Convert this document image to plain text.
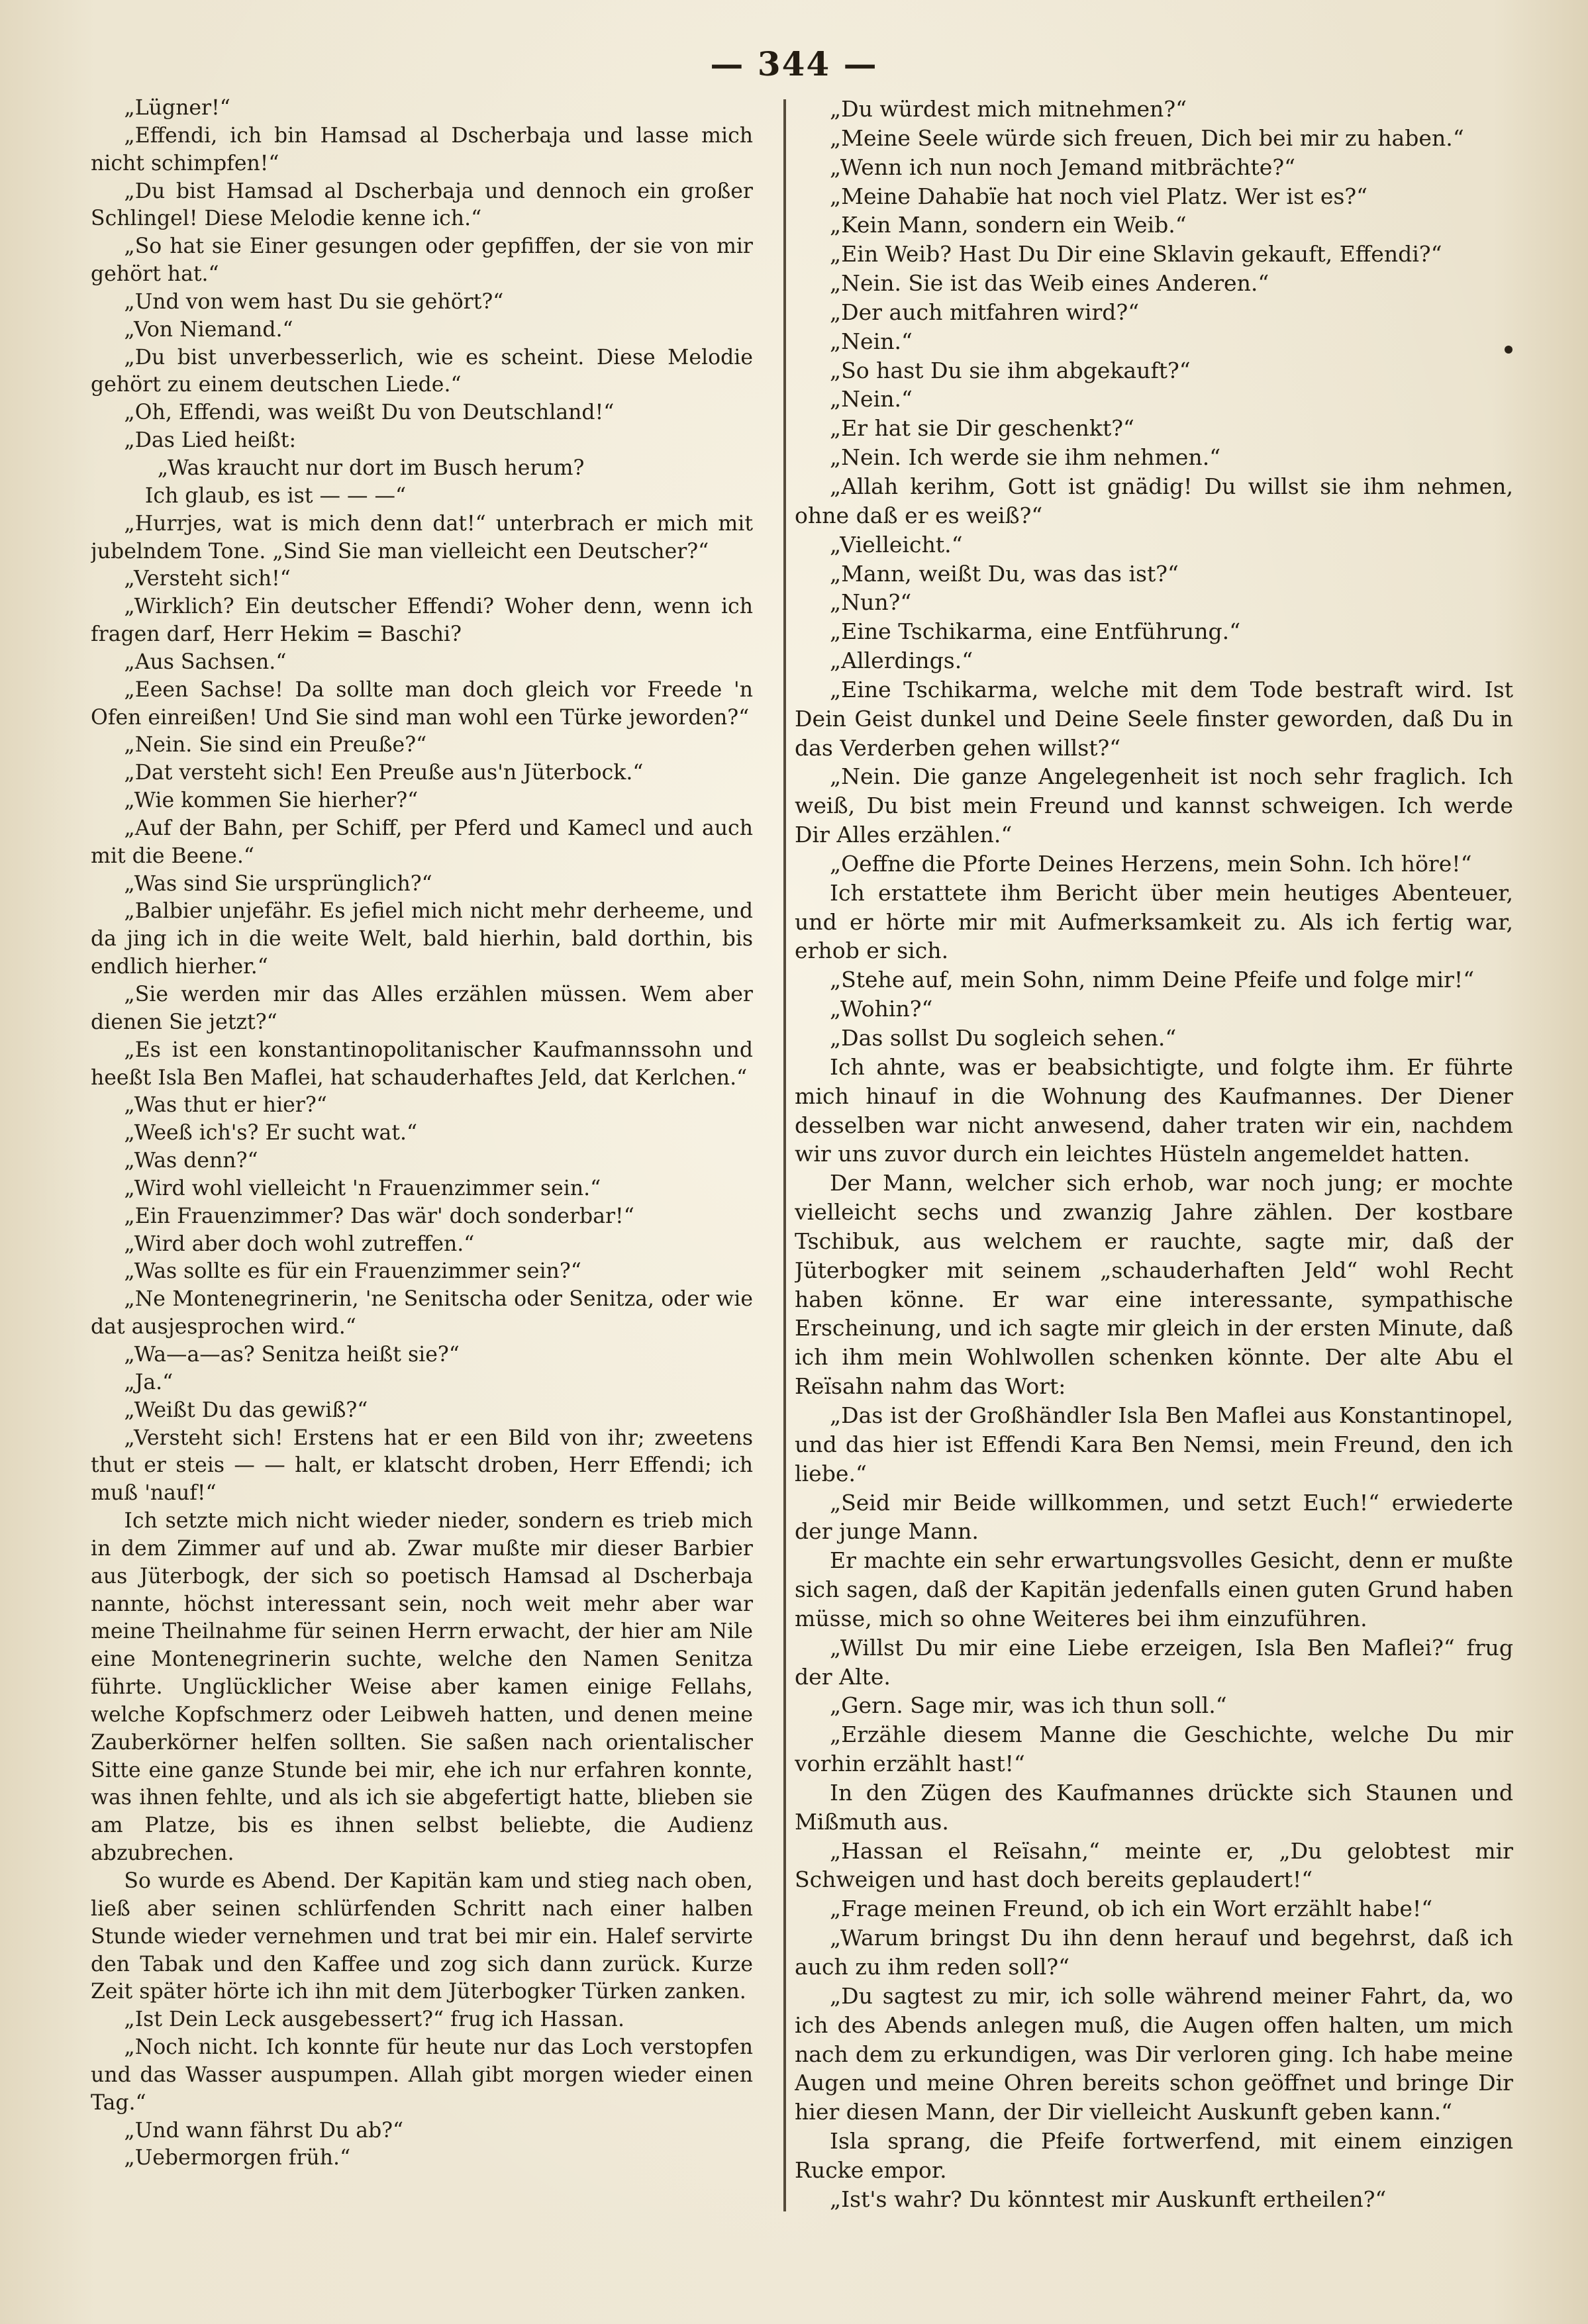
— 344 —

„Lügner!“

„Effendi, ich bin Hamsad al Dscherbaja und lasse mich nicht schimpfen!“

„Du bist Hamsad al Dscherbaja und dennoch ein großer Schlingel! Diese Melodie kenne ich.“

„So hat sie Einer gesungen oder gepfiffen, der sie von mir gehört hat.“

„Und von wem hast Du sie gehört?“

„Von Niemand.“

„Du bist unverbesserlich, wie es scheint. Diese Melodie gehört zu einem deutschen Liede.“

„Oh, Effendi, was weißt Du von Deutschland!“

„Das Lied heißt:

„Was kraucht nur dort im Busch herum?

Ich glaub, es ist — — —“

„Hurrjes, wat is mich denn dat!“ unterbrach er mich mit jubelndem Tone. „Sind Sie man vielleicht een Deutscher?“

„Versteht sich!“

„Wirklich? Ein deutscher Effendi? Woher denn, wenn ich fragen darf, Herr Hekim = Baschi?

„Aus Sachsen.“

„Eeen Sachse! Da sollte man doch gleich vor Freede 'n Ofen einreißen! Und Sie sind man wohl een Türke jeworden?“

„Nein. Sie sind ein Preuße?“

„Dat versteht sich! Een Preuße aus'n Jüterbock.“

„Wie kommen Sie hierher?“

„Auf der Bahn, per Schiff, per Pferd und Kamecl und auch mit die Beene.“

„Was sind Sie ursprünglich?“

„Balbier unjefähr. Es jefiel mich nicht mehr derheeme, und da jing ich in die weite Welt, bald hierhin, bald dorthin, bis endlich hierher.“

„Sie werden mir das Alles erzählen müssen. Wem aber dienen Sie jetzt?“

„Es ist een konstantinopolitanischer Kaufmannssohn und heeßt Isla Ben Maflei, hat schauderhaftes Jeld, dat Kerlchen.“

„Was thut er hier?“

„Weeß ich's? Er sucht wat.“

„Was denn?“

„Wird wohl vielleicht 'n Frauenzimmer sein.“

„Ein Frauenzimmer? Das wär' doch sonderbar!“

„Wird aber doch wohl zutreffen.“

„Was sollte es für ein Frauenzimmer sein?“

„Ne Montenegrinerin, 'ne Senitscha oder Senitza, oder wie dat ausjesprochen wird.“

„Wa—a—as? Senitza heißt sie?“

„Ja.“

„Weißt Du das gewiß?“

„Versteht sich! Erstens hat er een Bild von ihr; zweetens thut er steis — — halt, er klatscht droben, Herr Effendi; ich muß 'nauf!“

Ich setzte mich nicht wieder nieder, sondern es trieb mich in dem Zimmer auf und ab. Zwar mußte mir dieser Barbier aus Jüterbogk, der sich so poetisch Hamsad al Dscherbaja nannte, höchst interessant sein, noch weit mehr aber war meine Theilnahme für seinen Herrn erwacht, der hier am Nile eine Montenegrinerin suchte, welche den Namen Senitza führte. Unglücklicher Weise aber kamen einige Fellahs, welche Kopfschmerz oder Leibweh hatten, und denen meine Zauberkörner helfen sollten. Sie saßen nach orientalischer Sitte eine ganze Stunde bei mir, ehe ich nur erfahren konnte, was ihnen fehlte, und als ich sie abgefertigt hatte, blieben sie am Platze, bis es ihnen selbst beliebte, die Audienz abzubrechen.

So wurde es Abend. Der Kapitän kam und stieg nach oben, ließ aber seinen schlürfenden Schritt nach einer halben Stunde wieder vernehmen und trat bei mir ein. Halef servirte den Tabak und den Kaffee und zog sich dann zurück. Kurze Zeit später hörte ich ihn mit dem Jüterbogker Türken zanken.

„Ist Dein Leck ausgebessert?“ frug ich Hassan.

„Noch nicht. Ich konnte für heute nur das Loch verstopfen und das Wasser auspumpen. Allah gibt morgen wieder einen Tag.“

„Und wann fährst Du ab?“

„Uebermorgen früh.“

„Du würdest mich mitnehmen?“

„Meine Seele würde sich freuen, Dich bei mir zu haben.“

„Wenn ich nun noch Jemand mitbrächte?“

„Meine Dahabïe hat noch viel Platz. Wer ist es?“

„Kein Mann, sondern ein Weib.“

„Ein Weib? Hast Du Dir eine Sklavin gekauft, Effendi?“

„Nein. Sie ist das Weib eines Anderen.“

„Der auch mitfahren wird?“

„Nein.“

„So hast Du sie ihm abgekauft?“

„Nein.“

„Er hat sie Dir geschenkt?“

„Nein. Ich werde sie ihm nehmen.“

„Allah kerihm, Gott ist gnädig! Du willst sie ihm nehmen, ohne daß er es weiß?“

„Vielleicht.“

„Mann, weißt Du, was das ist?“

„Nun?“

„Eine Tschikarma, eine Entführung.“

„Allerdings.“

„Eine Tschikarma, welche mit dem Tode bestraft wird. Ist Dein Geist dunkel und Deine Seele finster geworden, daß Du in das Verderben gehen willst?“

„Nein. Die ganze Angelegenheit ist noch sehr fraglich. Ich weiß, Du bist mein Freund und kannst schweigen. Ich werde Dir Alles erzählen.“

„Oeffne die Pforte Deines Herzens, mein Sohn. Ich höre!“

Ich erstattete ihm Bericht über mein heutiges Abenteuer, und er hörte mir mit Aufmerksamkeit zu. Als ich fertig war, erhob er sich.

„Stehe auf, mein Sohn, nimm Deine Pfeife und folge mir!“

„Wohin?“

„Das sollst Du sogleich sehen.“

Ich ahnte, was er beabsichtigte, und folgte ihm. Er führte mich hinauf in die Wohnung des Kaufmannes. Der Diener desselben war nicht anwesend, daher traten wir ein, nachdem wir uns zuvor durch ein leichtes Hüsteln angemeldet hatten.

Der Mann, welcher sich erhob, war noch jung; er mochte vielleicht sechs und zwanzig Jahre zählen. Der kostbare Tschibuk, aus welchem er rauchte, sagte mir, daß der Jüterbogker mit seinem „schauderhaften Jeld“ wohl Recht haben könne. Er war eine interessante, sympathische Erscheinung, und ich sagte mir gleich in der ersten Minute, daß ich ihm mein Wohlwollen schenken könnte. Der alte Abu el Reïsahn nahm das Wort:

„Das ist der Großhändler Isla Ben Maflei aus Konstantinopel, und das hier ist Effendi Kara Ben Nemsi, mein Freund, den ich liebe.“

„Seid mir Beide willkommen, und setzt Euch!“ erwiederte der junge Mann.

Er machte ein sehr erwartungsvolles Gesicht, denn er mußte sich sagen, daß der Kapitän jedenfalls einen guten Grund haben müsse, mich so ohne Weiteres bei ihm einzuführen.

„Willst Du mir eine Liebe erzeigen, Isla Ben Maflei?“ frug der Alte.

„Gern. Sage mir, was ich thun soll.“

„Erzähle diesem Manne die Geschichte, welche Du mir vorhin erzählt hast!“

In den Zügen des Kaufmannes drückte sich Staunen und Mißmuth aus.

„Hassan el Reïsahn,“ meinte er, „Du gelobtest mir Schweigen und hast doch bereits geplaudert!“

„Frage meinen Freund, ob ich ein Wort erzählt habe!“

„Warum bringst Du ihn denn herauf und begehrst, daß ich auch zu ihm reden soll?“

„Du sagtest zu mir, ich solle während meiner Fahrt, da, wo ich des Abends anlegen muß, die Augen offen halten, um mich nach dem zu erkundigen, was Dir verloren ging. Ich habe meine Augen und meine Ohren bereits schon geöffnet und bringe Dir hier diesen Mann, der Dir vielleicht Auskunft geben kann.“

Isla sprang, die Pfeife fortwerfend, mit einem einzigen Rucke empor.

„Ist's wahr? Du könntest mir Auskunft ertheilen?“
